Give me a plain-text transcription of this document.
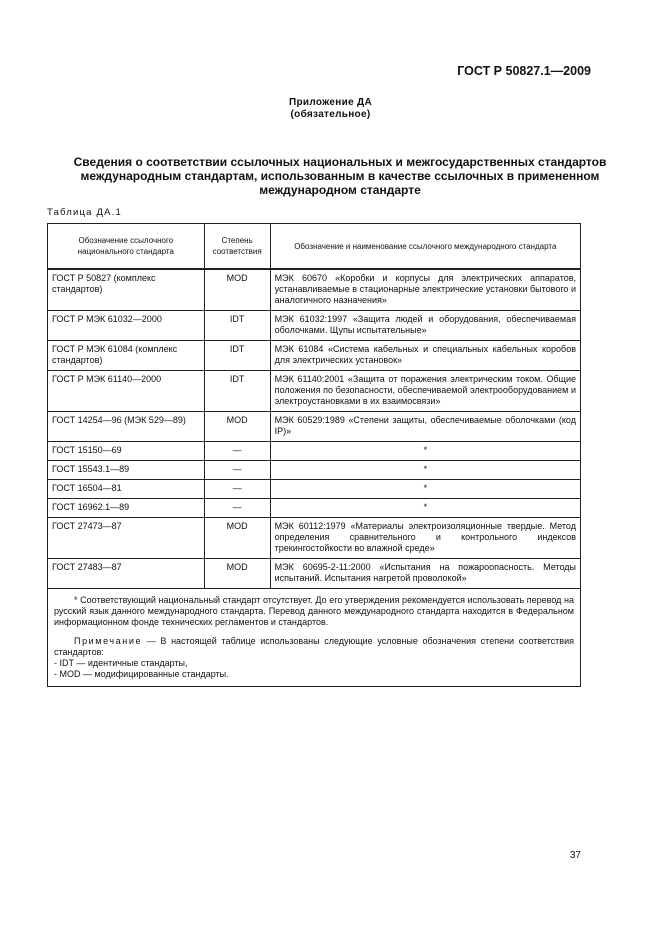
ГОСТ Р 50827.1—2009
Приложение ДА
(обязательное)
Сведения о соответствии ссылочных национальных и межгосударственных стандартов
международным стандартам, использованным в качестве ссылочных в примененном
международном стандарте
Таблица ДА.1
Обозначение ссылочного национального стандарта	Степень соответствия	Обозначение и наименование ссылочного международного стандарта
ГОСТ Р 50827 (комплекс стандартов)	MOD	МЭК 60670 «Коробки и корпусы для электрических аппаратов, устанавливаемые в стационарные электрические установки бытового и аналогичного назначения»
ГОСТ Р МЭК 61032—2000	IDT	МЭК 61032:1997 «Защита людей и оборудования, обеспечиваемая оболочками. Щупы испытательные»
ГОСТ Р МЭК 61084 (комплекс стандартов)	IDT	МЭК 61084 «Система кабельных и специальных кабельных коробов для электрических установок»
ГОСТ Р МЭК 61140—2000	IDT	МЭК 61140:2001 «Защита от поражения электрическим током. Общие положения по безопасности, обеспечиваемой электрооборудованием и электроустановками в их взаимосвязи»
ГОСТ 14254—96 (МЭК 529—89)	MOD	МЭК 60529:1989 «Степени защиты, обеспечиваемые оболочками (код IP)»
ГОСТ 15150—69	—	*
ГОСТ 15543.1—89	—	*
ГОСТ 16504—81	—	*
ГОСТ 16962.1—89	—	*
ГОСТ 27473—87	MOD	МЭК 60112:1979 «Материалы электроизоляционные твердые. Метод определения сравнительного и контрольного индексов трекингостойкости во влажной среде»
ГОСТ 27483—87	MOD	МЭК 60695-2-11:2000 «Испытания на пожароопасность. Методы испытаний. Испытания нагретой проволокой»

* Соответствующий национальный стандарт отсутствует. До его утверждения рекомендуется использовать перевод на русский язык данного международного стандарта. Перевод данного международного стандарта находится в Федеральном информационном фонде технических регламентов и стандартов.

Примечание — В настоящей таблице использованы следующие условные обозначения степени соответствия стандартов:

- IDT — идентичные стандарты,

- MOD — модифицированные стандарты.		

37
